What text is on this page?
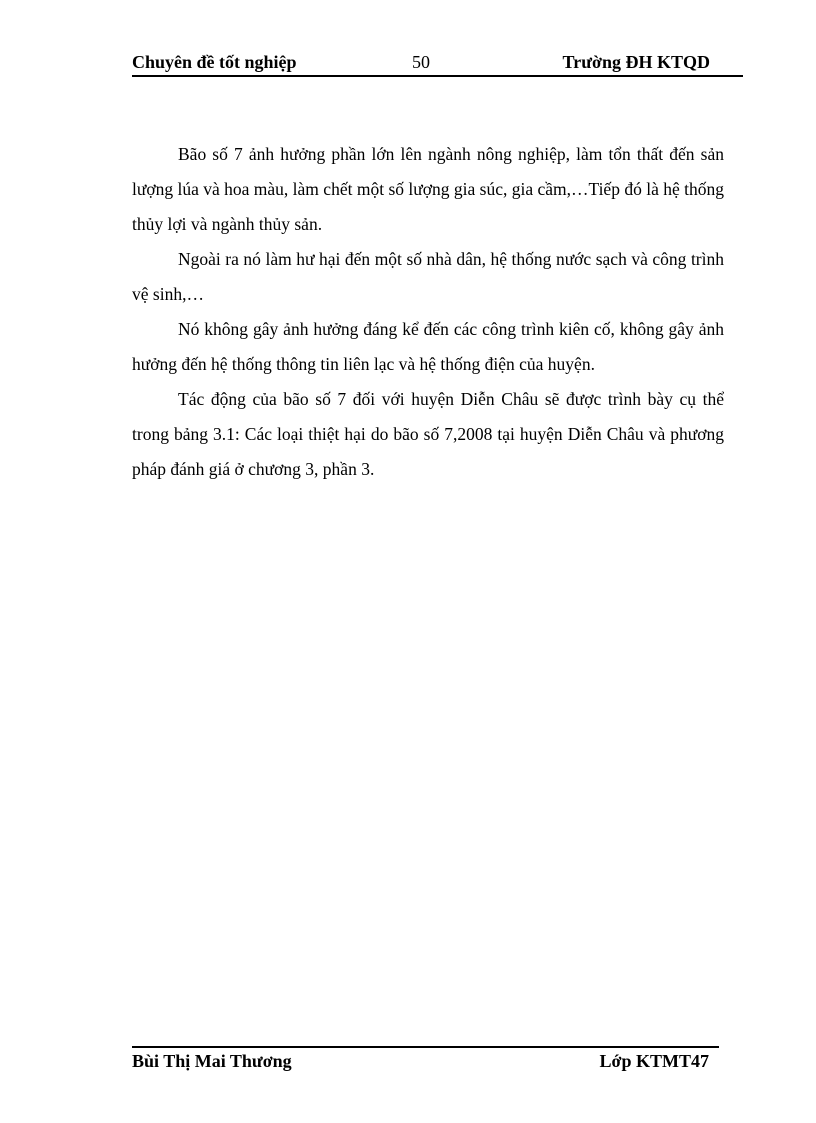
Chuyên đề tốt nghiệp	50	Trường ĐH KTQD

Bão số 7 ảnh hưởng phần lớn lên ngành nông nghiệp, làm tổn thất đến sản lượng lúa và hoa màu, làm chết một số lượng gia súc, gia cầm,…Tiếp đó là hệ thống thủy lợi và ngành thủy sản.

Ngoài ra nó làm hư hại đến một số nhà dân, hệ thống nước sạch và công trình vệ sinh,…

Nó không gây ảnh hưởng đáng kể đến các công trình kiên cố, không gây ảnh hưởng đến hệ thống thông tin liên lạc và hệ thống điện của huyện.

Tác động của bão số 7 đối với huyện Diễn Châu sẽ được trình bày cụ thể trong bảng 3.1: Các loại thiệt hại do bão số 7,2008 tại huyện Diễn Châu và phương pháp đánh giá ở chương 3, phần 3.

Bùi Thị Mai Thương	Lớp KTMT47
